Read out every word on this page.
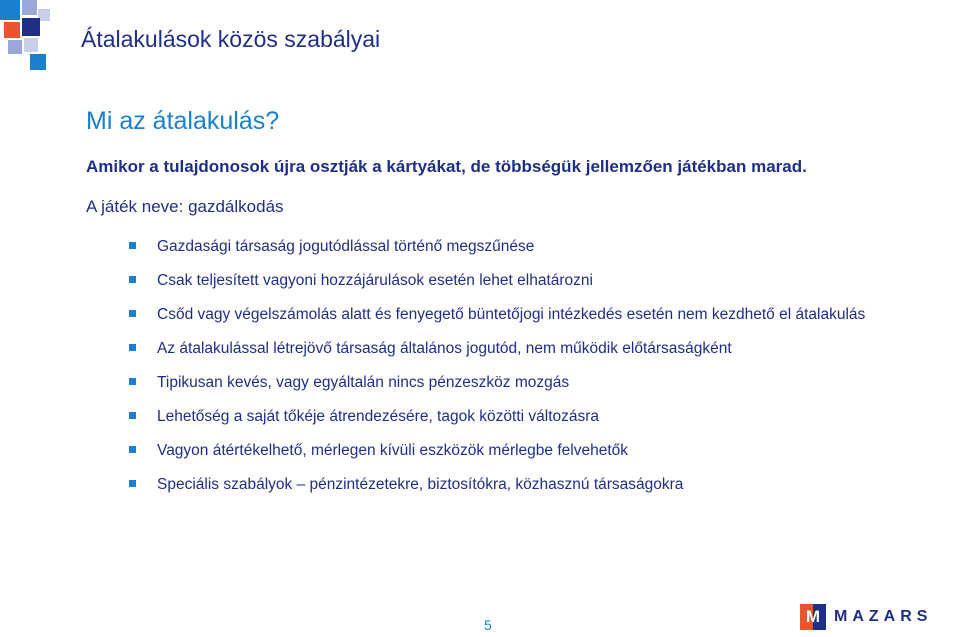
Átalakulások közös szabályai
Mi az átalakulás?
Amikor a tulajdonosok újra osztják a kártyákat, de többségük jellemzően játékban marad.
A játék neve: gazdálkodás
Gazdasági társaság jogutódlással történő megszűnése
Csak teljesített vagyoni hozzájárulások esetén lehet elhatározni
Csőd vagy végelszámolás alatt és fenyegető büntetőjogi intézkedés esetén nem kezdhető el átalakulás
Az átalakulással létrejövő társaság általános jogutód, nem működik előtársaságként
Tipikusan kevés, vagy egyáltalán nincs pénzeszköz mozgás
Lehetőség a saját tőkéje átrendezésére, tagok közötti változásra
Vagyon átértékelhető, mérlegen kívüli eszközök mérlegbe felvehetők
Speciális szabályok – pénzintézetekre, biztosítókra, közhasznú társaságokra
5	M MAZARS
